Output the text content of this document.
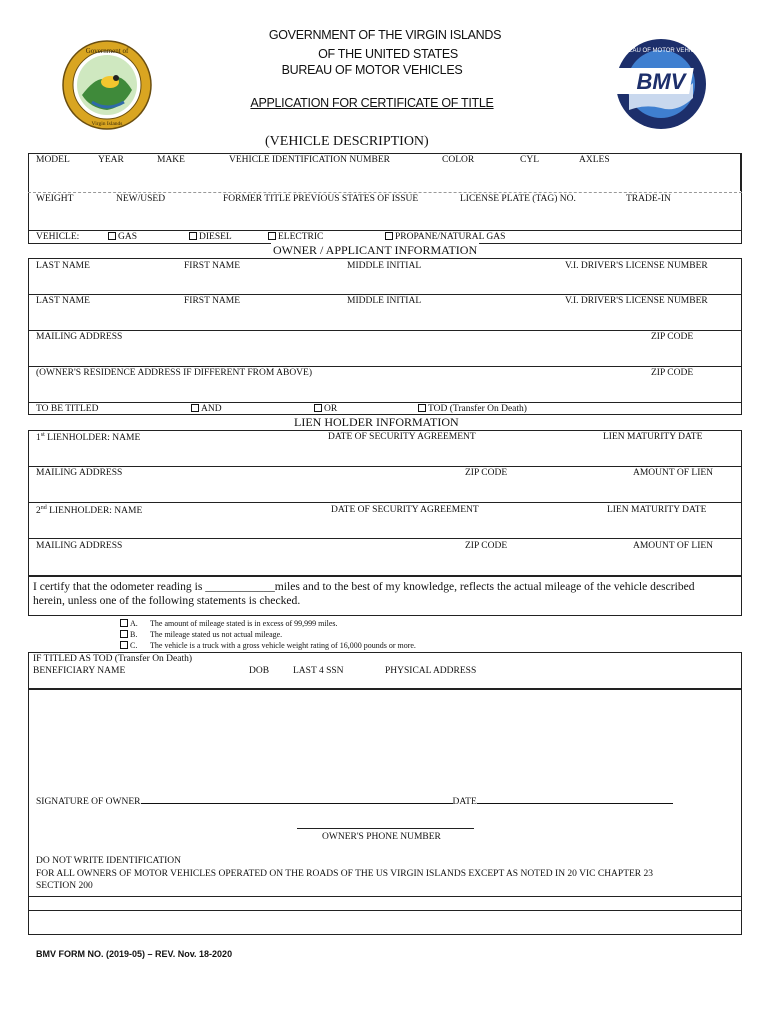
GOVERNMENT OF THE VIRGIN ISLANDS
OF THE UNITED STATES
BUREAU OF MOTOR VEHICLES
APPLICATION FOR CERTIFICATE OF TITLE
Government of
Virgin Islands
BMV
BUREAU OF MOTOR VEHICLES
(VEHICLE DESCRIPTION)
MODEL	YEAR	MAKE	VEHICLE IDENTIFICATION NUMBER	COLOR	CYL	AXLES
WEIGHT	NEW/USED	FORMER TITLE PREVIOUS STATES OF ISSUE	LICENSE PLATE (TAG) NO.	TRADE-IN
VEHICLE:	GAS	DIESEL	ELECTRIC	PROPANE/NATURAL GAS
OWNER / APPLICANT INFORMATION
LAST NAME	FIRST NAME	MIDDLE INITIAL	V.I. DRIVER'S LICENSE NUMBER
LAST NAME	FIRST NAME	MIDDLE INITIAL	V.I. DRIVER'S LICENSE NUMBER
MAILING ADDRESS	ZIP CODE
(OWNER'S RESIDENCE ADDRESS IF DIFFERENT FROM ABOVE)	ZIP CODE
TO BE TITLED	AND	OR	TOD (Transfer On Death)
LIEN HOLDER INFORMATION
1st LIENHOLDER: NAME	DATE OF SECURITY AGREEMENT	LIEN MATURITY DATE
MAILING ADDRESS	ZIP CODE	AMOUNT OF LIEN
2nd LIENHOLDER: NAME	DATE OF SECURITY AGREEMENT	LIEN MATURITY DATE
MAILING ADDRESS	ZIP CODE	AMOUNT OF LIEN
I certify that the odometer reading is ____________miles and to the best of my knowledge, reflects the actual mileage of the vehicle described
herein, unless one of the following statements is checked.
A. The amount of mileage stated is in excess of 99,999 miles.
B. The mileage stated us not actual mileage.
C. The vehicle is a truck with a gross vehicle weight rating of 16,000 pounds or more.
IF TITLED AS TOD (Transfer On Death)
BENEFICIARY NAME	DOB	LAST 4 SSN	PHYSICAL ADDRESS
SIGNATURE OF OWNER	DATE
OWNER'S PHONE NUMBER
DO NOT WRITE IDENTIFICATION
FOR ALL OWNERS OF MOTOR VEHICLES OPERATED ON THE ROADS OF THE US VIRGIN ISLANDS EXCEPT AS NOTED IN 20 VIC CHAPTER 23
SECTION 200
BMV FORM NO. (2019-05) – REV. Nov. 18-2020
